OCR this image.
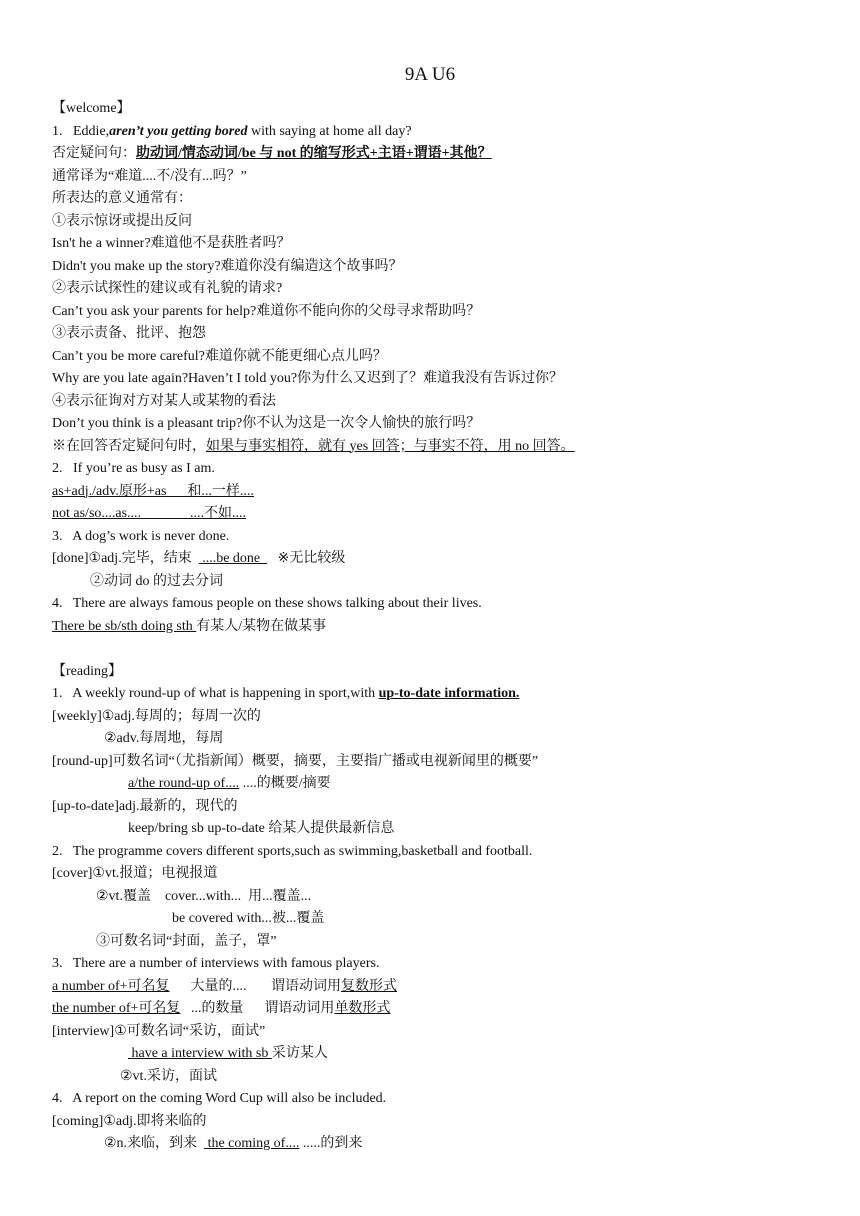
9A U6
【welcome】
1. Eddie,aren’t you getting bored with saying at home all day?
否定疑问句：助动词/情态动词/be 与 not 的缩写形式+主语+谓语+其他？
通常译为“难道....不/没有...吗？”
所表达的意义通常有：
①表示惊讶或提出反问
Isn't he a winner?难道他不是获胜者吗？
Didn't you make up the story?难道你没有编造这个故事吗？
②表示试探性的建议或有礼貌的请求?
Can’t you ask your parents for help?难道你不能向你的父母寻求帮助吗？
③表示责备、批评、抱怨
Can’t you be more careful?难道你就不能更细心点儿吗？
Why are you late again?Haven’t I told you?你为什么又迟到了？难道我没有告诉过你？
④表示征询对方对某人或某物的看法
Don’t you think is a pleasant trip?你不认为这是一次令人愉快的旅行吗？
※在回答否定疑问句时，如果与事实相符，就有 yes 回答；与事实不符，用 no 回答。
2.   If you’re as busy as I am.
as+adj./adv.原形+as      和...一样....
not as/so....as....              ....不如....
3.   A dog’s work is never done.
[done]①adj.完毕，结束   ....be done     ※无比较级
②动词 do 的过去分词
4.   There are always famous people on these shows talking about their lives.
There be sb/sth doing sth 有某人/某物在做某事
【reading】
1.   A weekly round-up of what is happening in sport,with up-to-date information.
[weekly]①adj.每周的；每周一次的
②adv.每周地，每周
[round-up]可数名词“（尤指新闻）概要，摘要，主要指广播或电视新闻里的概要”
a/the round-up of.... ....的概要/摘要
[up-to-date]adj.最新的，现代的
keep/bring sb up-to-date 给某人提供最新信息
2.   The programme covers different sports,such as swimming,basketball and football.
[cover]①vt.报道；电视报道
②vt.覆盖    cover...with...  用...覆盖...
be covered with...被...覆盖
③可数名词“封面，盖子，罩”
3.   There are a number of interviews with famous players.
a number of+可名复      大量的....       谓语动词用复数形式
the number of+可名复   ...的数量      谓语动词用单数形式
[interview]①可数名词“采访，面试”
have a interview with sb 采访某人
②vt.采访，面试
4.   A report on the coming Word Cup will also be included.
[coming]①adj.即将来临的
②n.来临，到来   the coming of.... .....的到来
